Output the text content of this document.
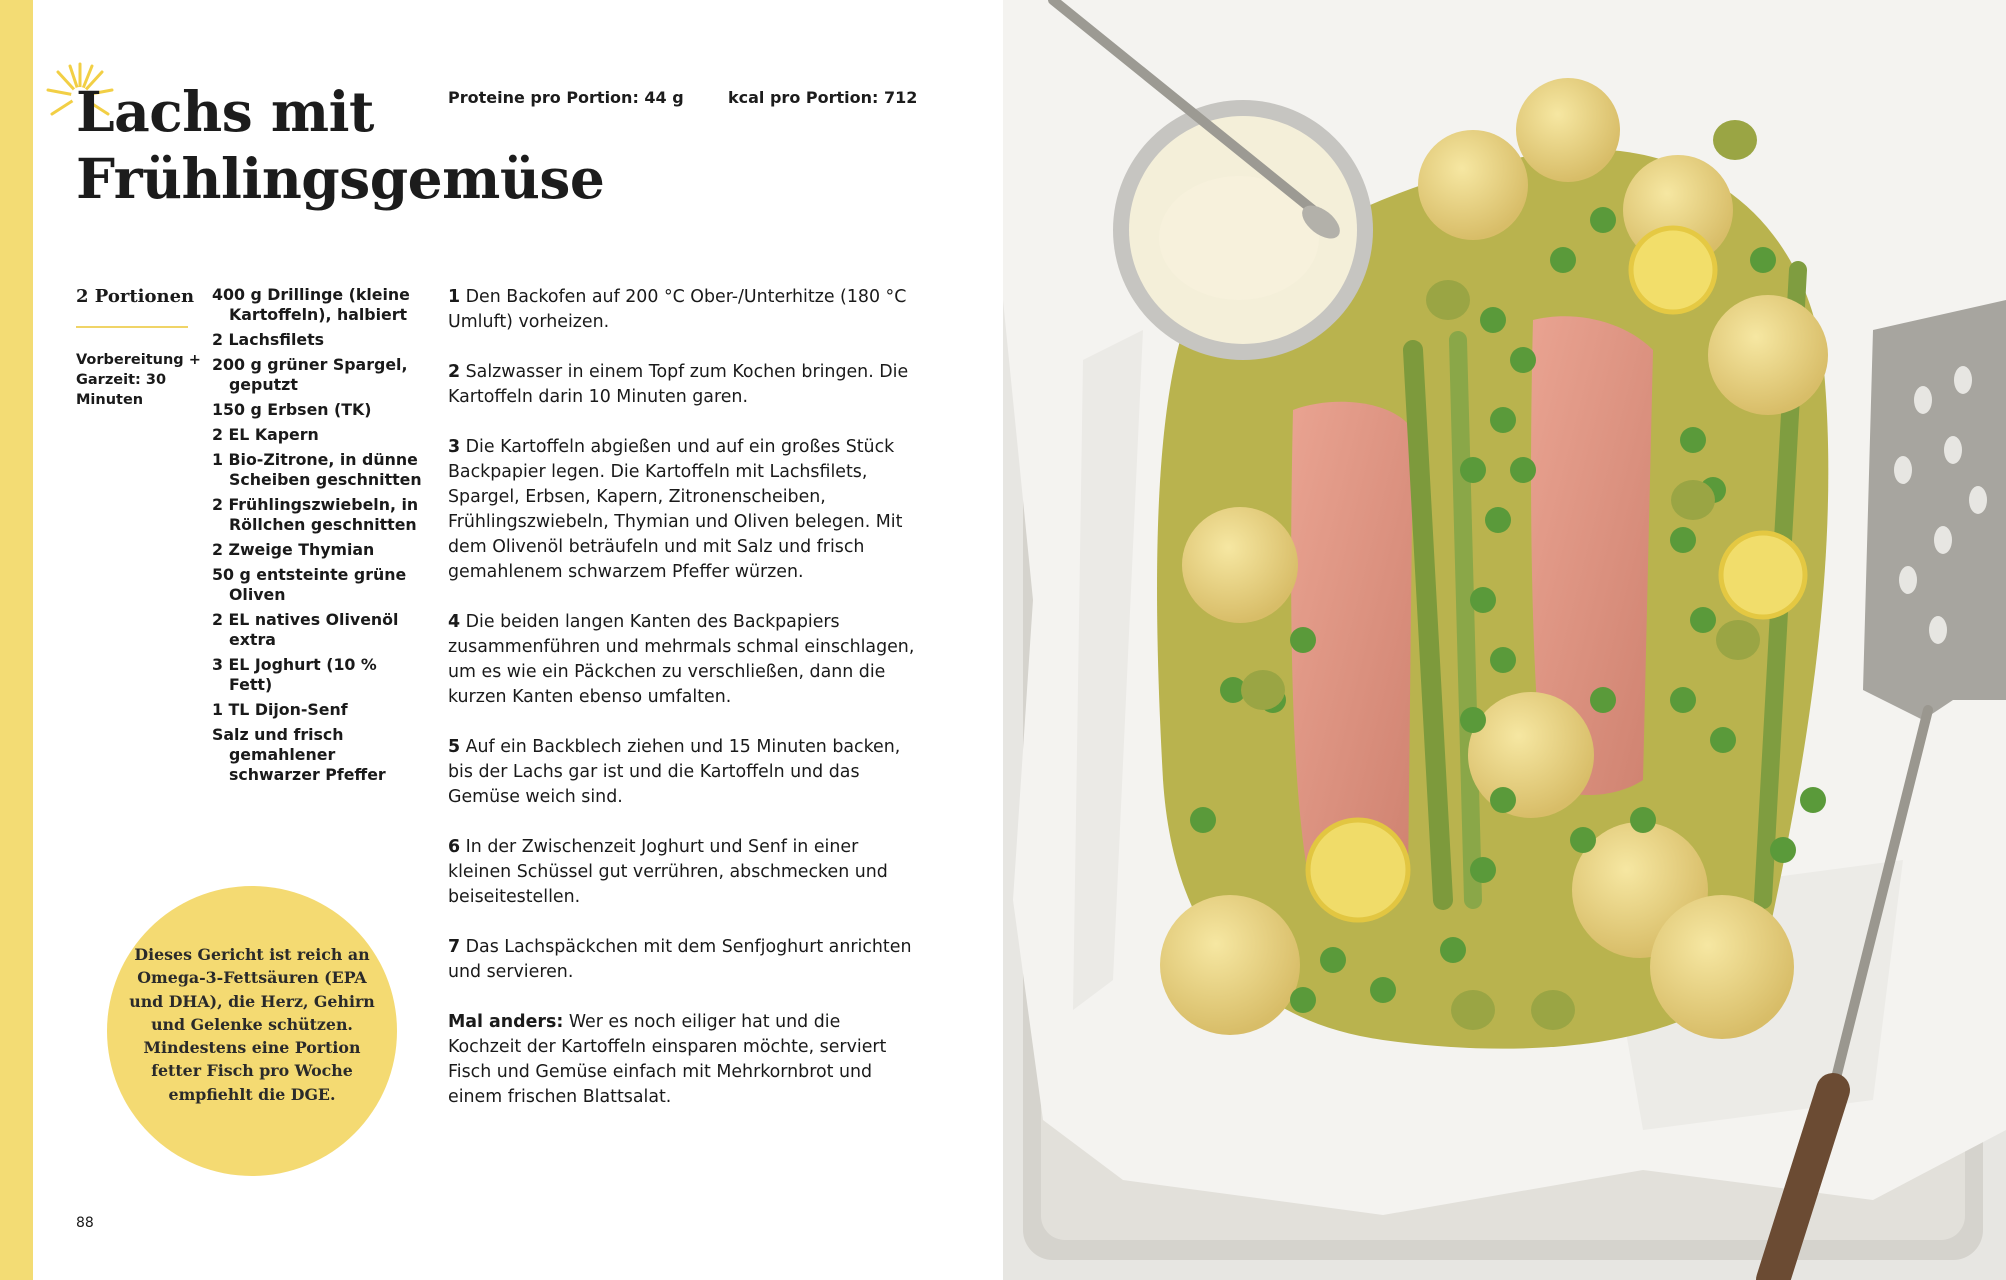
Lachs mit Frühlingsgemüse
Proteine pro Portion: 44 g	kcal pro Portion: 712
2 Portionen
Vorbereitung + Garzeit: 30 Minuten
400 g Drillinge (kleine Kartoffeln), halbiert
2 Lachsfilets
200 g grüner Spargel, geputzt
150 g Erbsen (TK)
2 EL Kapern
1 Bio-Zitrone, in dünne Scheiben geschnitten
2 Frühlingszwiebeln, in Röllchen geschnitten
2 Zweige Thymian
50 g entsteinte grüne Oliven
2 EL natives Olivenöl extra
3 EL Joghurt (10 % Fett)
1 TL Dijon-Senf
Salz und frisch gemahlener schwarzer Pfeffer

1 Den Backofen auf 200 °C Ober-/Unterhitze (180 °C Umluft) vorheizen.

2 Salzwasser in einem Topf zum Kochen bringen. Die Kartoffeln darin 10 Minuten garen.

3 Die Kartoffeln abgießen und auf ein großes Stück Backpapier legen. Die Kartoffeln mit Lachsfilets, Spargel, Erbsen, Kapern, Zitronenscheiben, Frühlingszwiebeln, Thymian und Oliven belegen. Mit dem Olivenöl beträufeln und mit Salz und frisch gemahlenem schwarzem Pfeffer würzen.

4 Die beiden langen Kanten des Backpapiers zusammenführen und mehrmals schmal einschlagen, um es wie ein Päckchen zu verschließen, dann die kurzen Kanten ebenso umfalten.

5 Auf ein Backblech ziehen und 15 Minuten backen, bis der Lachs gar ist und die Kartoffeln und das Gemüse weich sind.

6 In der Zwischenzeit Joghurt und Senf in einer kleinen Schüssel gut verrühren, abschmecken und beiseitestellen.

7 Das Lachspäckchen mit dem Senfjoghurt anrichten und servieren.

Mal anders: Wer es noch eiliger hat und die Kochzeit der Kartoffeln einsparen möchte, serviert Fisch und Gemüse einfach mit Mehrkornbrot und einem frischen Blattsalat.

Dieses Gericht ist reich an Omega-3-Fettsäuren (EPA und DHA), die Herz, Gehirn und Gelenke schützen. Mindestens eine Portion fetter Fisch pro Woche empfiehlt die DGE.
88
